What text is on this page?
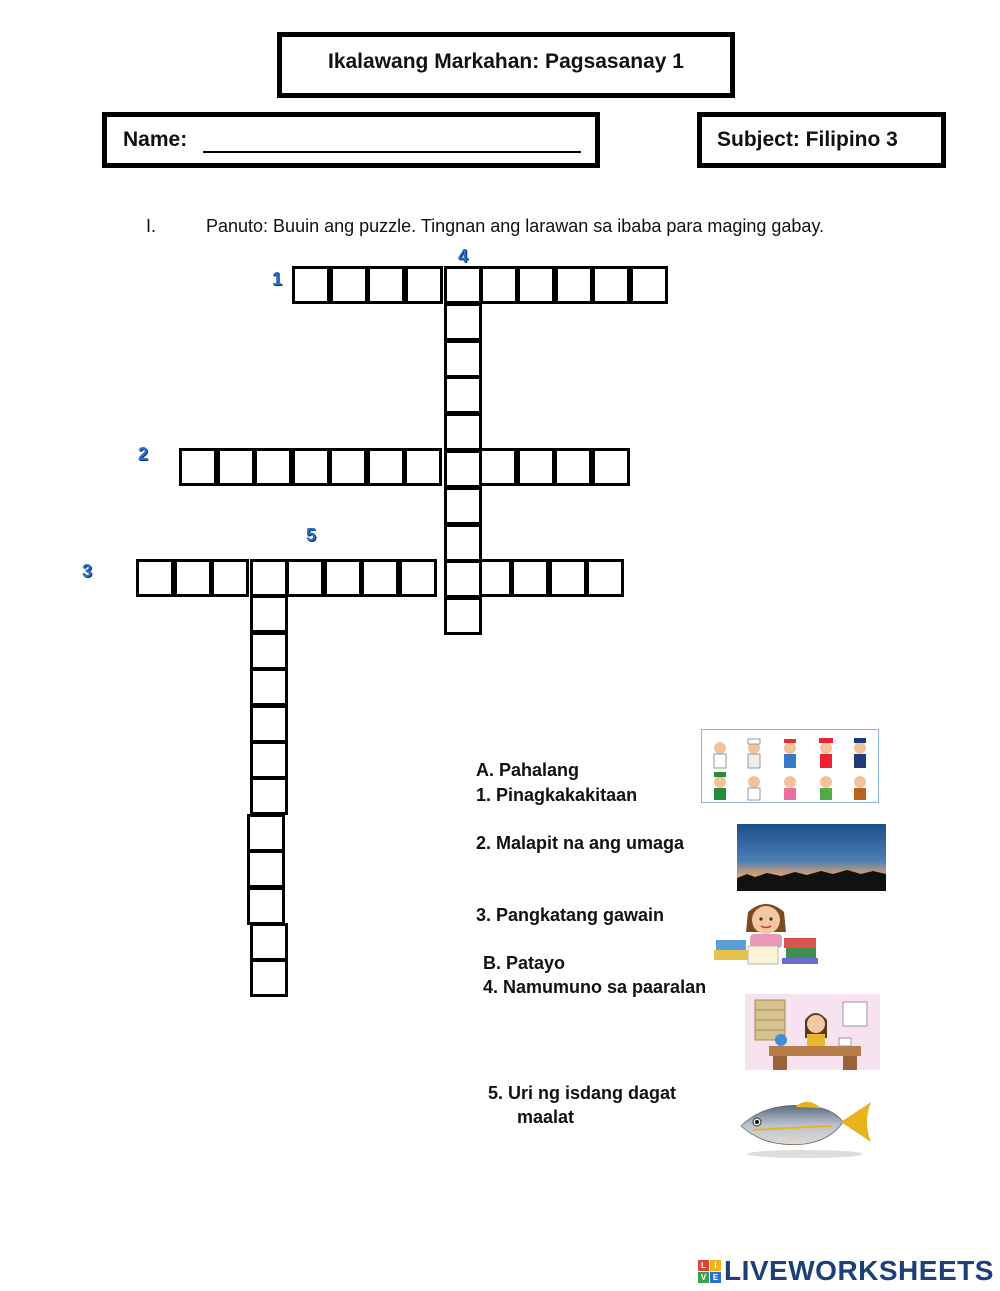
Ikalawang Markahan: Pagsasanay 1
Name:	Subject: Filipino 3
I.	Panuto: Buuin ang puzzle. Tingnan ang larawan sa ibaba para maging gabay.
1
2
3
4
5
A. Pahalang
1. Pinagkakakitaan
2. Malapit na ang umaga
3. Pangkatang gawain
B. Patayo
4. Namumuno sa paaralan
5. Uri ng isdang dagat
maalat
L	I
V E LIVEWORKSHEETS
